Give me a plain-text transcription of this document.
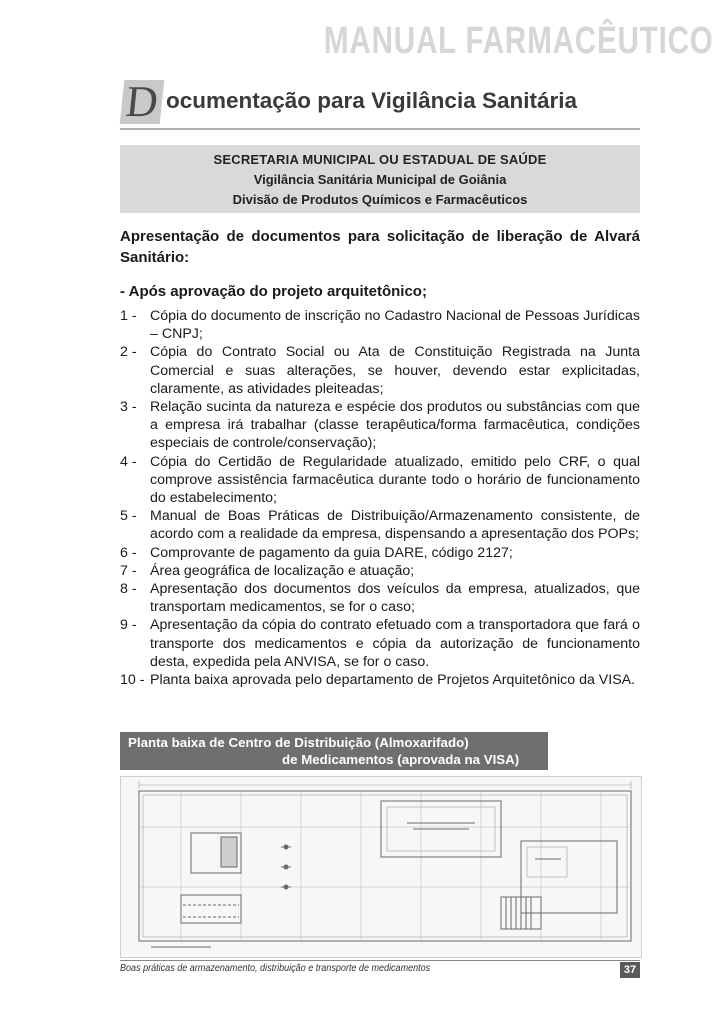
MANUAL FARMACÊUTICO
D ocumentação para Vigilância Sanitária
SECRETARIA MUNICIPAL OU ESTADUAL DE SAÚDE
Vigilância Sanitária Municipal de Goiânia
Divisão de Produtos Químicos e Farmacêuticos
Apresentação de documentos para solicitação de liberação de Alvará Sanitário:
- Após aprovação do projeto arquitetônico;
1 - Cópia do documento de inscrição no Cadastro Nacional de Pessoas Jurídicas – CNPJ;
2 - Cópia do Contrato Social ou Ata de Constituição Registrada na Junta Comercial e suas alterações, se houver, devendo estar explicitadas, claramente, as atividades pleiteadas;
3 - Relação sucinta da natureza e espécie dos produtos ou substâncias com que a empresa irá trabalhar (classe terapêutica/forma farmacêutica, condições especiais de controle/conservação);
4 - Cópia do Certidão de Regularidade atualizado, emitido pelo CRF, o qual comprove assistência farmacêutica durante todo o horário de funcionamento do estabelecimento;
5 - Manual de Boas Práticas de Distribuição/Armazenamento consistente, de acordo com a realidade da empresa, dispensando a apresentação dos POPs;
6 - Comprovante de pagamento da guia DARE, código 2127;
7 - Área geográfica de localização e atuação;
8 - Apresentação dos documentos dos veículos da empresa, atualizados, que transportam medicamentos, se for o caso;
9 - Apresentação da cópia do contrato efetuado com a transportadora que fará o transporte dos medicamentos e cópia da autorização de funcionamento desta, expedida pela ANVISA, se for o caso.
10 - Planta baixa aprovada pelo departamento de Projetos Arquitetônico da VISA.
Planta baixa de Centro de Distribuição (Almoxarifado)
de Medicamentos (aprovada na VISA)
Boas práticas de armazenamento, distribuição e transporte de medicamentos	37
